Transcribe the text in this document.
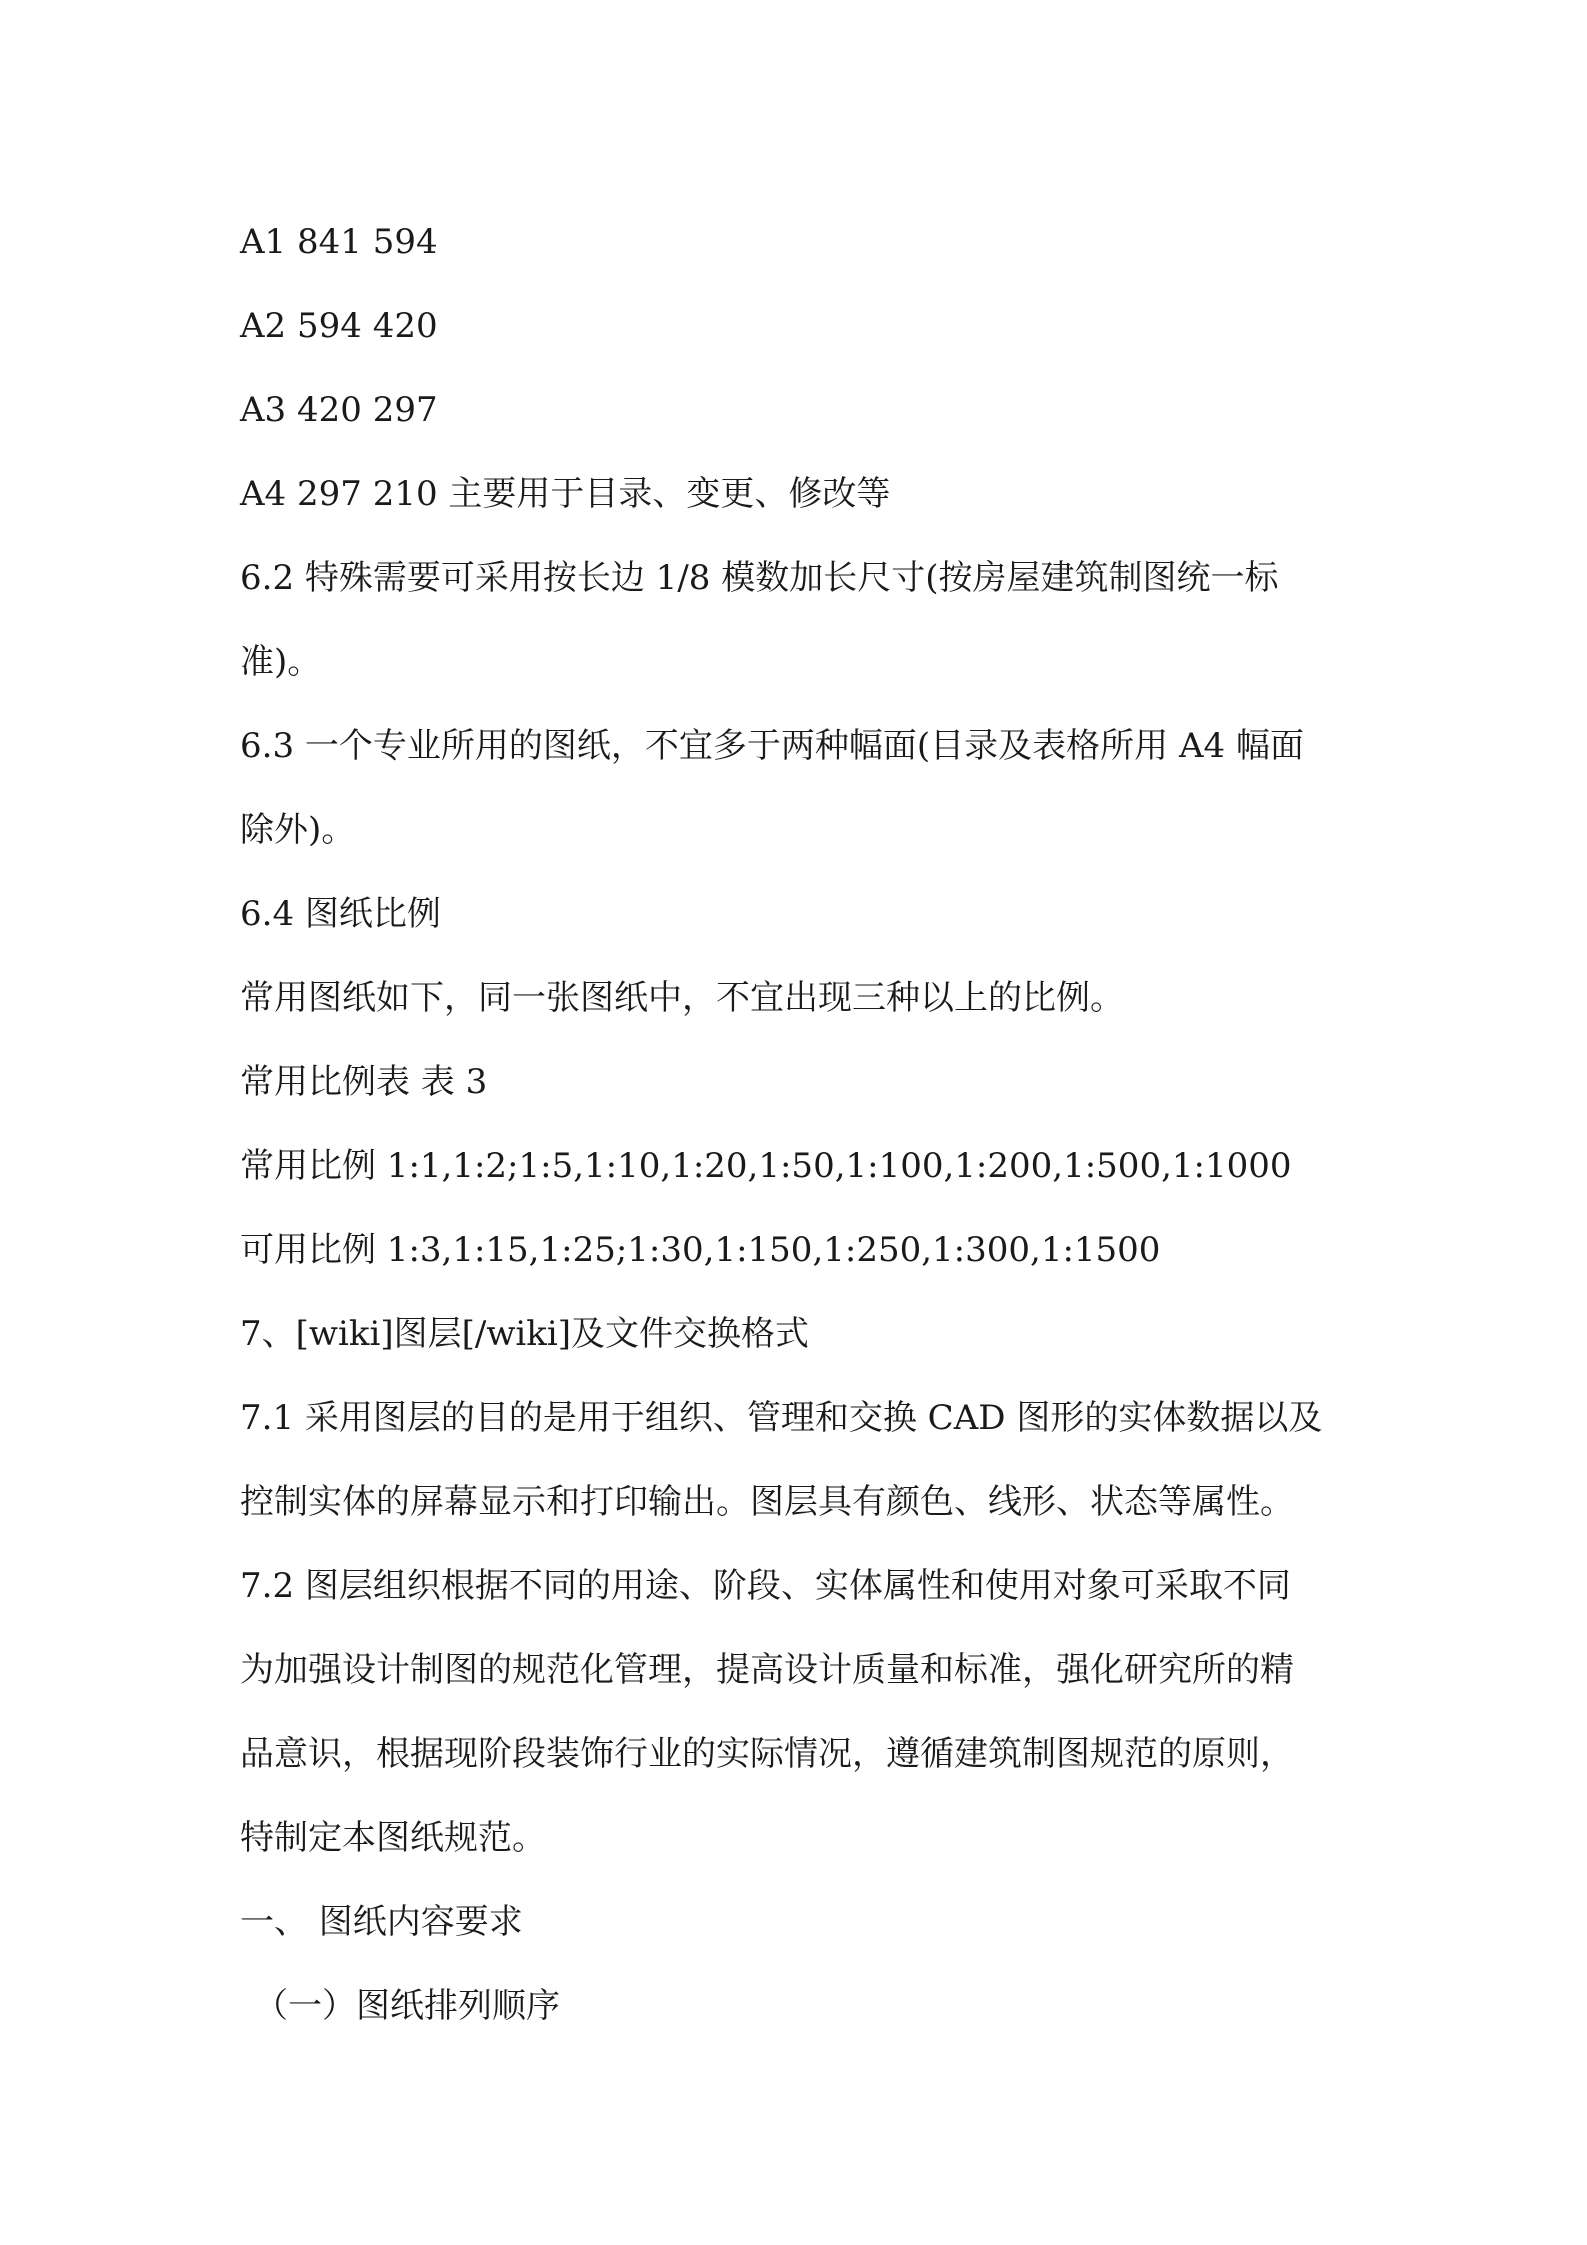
A1 841 594

A2 594 420

A3 420 297

A4 297 210 主要用于目录、变更、修改等

6.2 特殊需要可采用按长边 1/8 模数加长尺寸(按房屋建筑制图统一标

准)。

6.3 一个专业所用的图纸，不宜多于两种幅面(目录及表格所用 A4 幅面

除外)。

6.4 图纸比例

常用图纸如下，同一张图纸中，不宜出现三种以上的比例。

常用比例表 表 3

常用比例 1:1,1:2;1:5,1:10,1:20,1:50,1:100,1:200,1:500,1:1000

可用比例 1:3,1:15,1:25;1:30,1:150,1:250,1:300,1:1500

7、[wiki]图层[/wiki]及文件交换格式

7.1 采用图层的目的是用于组织、管理和交换 CAD 图形的实体数据以及

控制实体的屏幕显示和打印输出。图层具有颜色、线形、状态等属性。

7.2 图层组织根据不同的用途、阶段、实体属性和使用对象可采取不同

为加强设计制图的规范化管理，提高设计质量和标准，强化研究所的精

品意识，根据现阶段装饰行业的实际情况，遵循建筑制图规范的原则，

特制定本图纸规范。

一、 图纸内容要求

（一）图纸排列顺序
